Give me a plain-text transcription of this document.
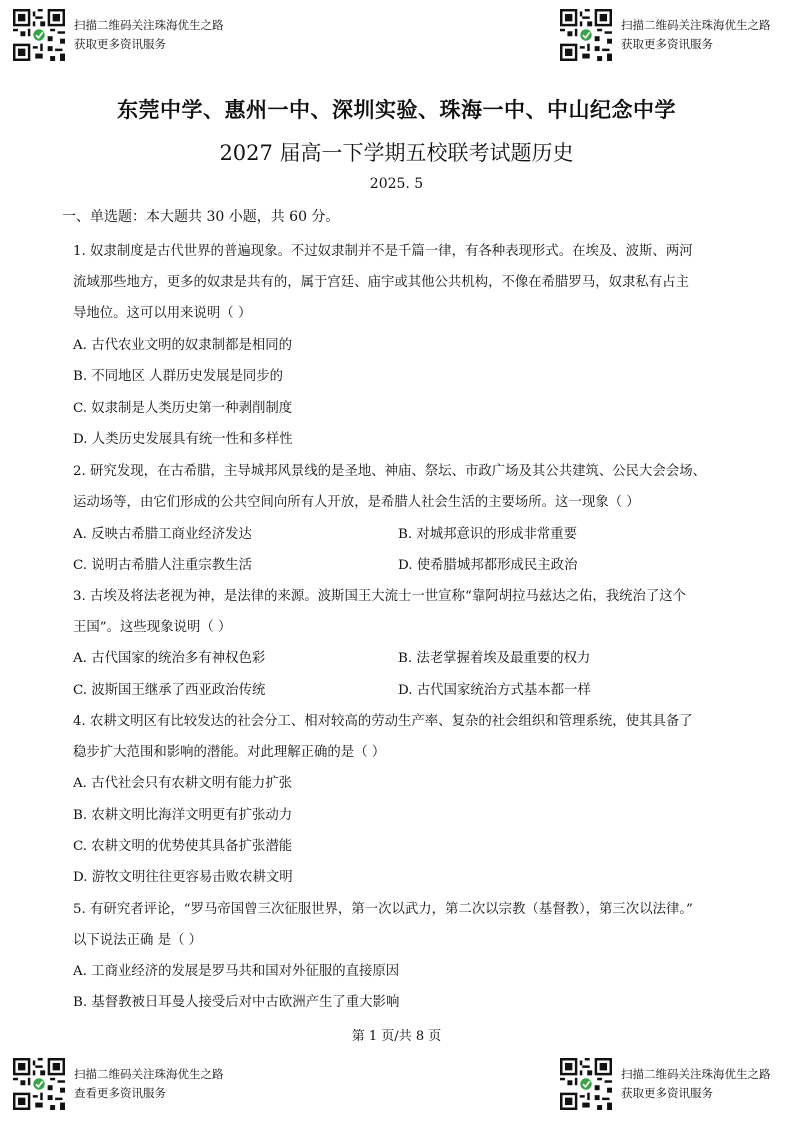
扫描二维码关注珠海优生之路
获取更多资讯服务
扫描二维码关注珠海优生之路
获取更多资讯服务
扫描二维码关注珠海优生之路
查看更多资讯服务
扫描二维码关注珠海优生之路
获取更多资讯服务
东莞中学、惠州一中、深圳实验、珠海一中、中山纪念中学
2027 届高一下学期五校联考试题历史
2025. 5
一、单选题：本大题共 30 小题，共 60 分。
1. 奴隶制度是古代世界的普遍现象。不过奴隶制并不是千篇一律，有各种表现形式。在埃及、波斯、两河
流域那些地方，更多的奴隶是共有的，属于宫廷、庙宇或其他公共机构，不像在希腊罗马，奴隶私有占主
导地位。这可以用来说明（ ）
A. 古代农业文明的奴隶制都是相同的
B. 不同地区 人群历史发展是同步的
C. 奴隶制是人类历史第一种剥削制度
D. 人类历史发展具有统一性和多样性
2. 研究发现，在古希腊，主导城邦风景线的是圣地、神庙、祭坛、市政广场及其公共建筑、公民大会会场、
运动场等，由它们形成的公共空间向所有人开放，是希腊人社会生活的主要场所。这一现象（ ）
A. 反映古希腊工商业经济发达	B. 对城邦意识的形成非常重要
C. 说明古希腊人注重宗教生活	D. 使希腊城邦都形成民主政治
3. 古埃及将法老视为神，是法律的来源。波斯国王大流士一世宣称“靠阿胡拉马兹达之佑，我统治了这个
王国”。这些现象说明（ ）
A. 古代国家的统治多有神权色彩	B. 法老掌握着埃及最重要的权力
C. 波斯国王继承了西亚政治传统	D. 古代国家统治方式基本都一样
4. 农耕文明区有比较发达的社会分工、相对较高的劳动生产率、复杂的社会组织和管理系统，使其具备了
稳步扩大范围和影响的潜能。对此理解正确的是（ ）
A. 古代社会只有农耕文明有能力扩张
B. 农耕文明比海洋文明更有扩张动力
C. 农耕文明的优势使其具备扩张潜能
D. 游牧文明往往更容易击败农耕文明
5. 有研究者评论，“罗马帝国曾三次征服世界，第一次以武力，第二次以宗教（基督教），第三次以法律。”
以下说法正确 是（ ）
A. 工商业经济的发展是罗马共和国对外征服的直接原因
B. 基督教被日耳曼人接受后对中古欧洲产生了重大影响
第 1 页/共 8 页
